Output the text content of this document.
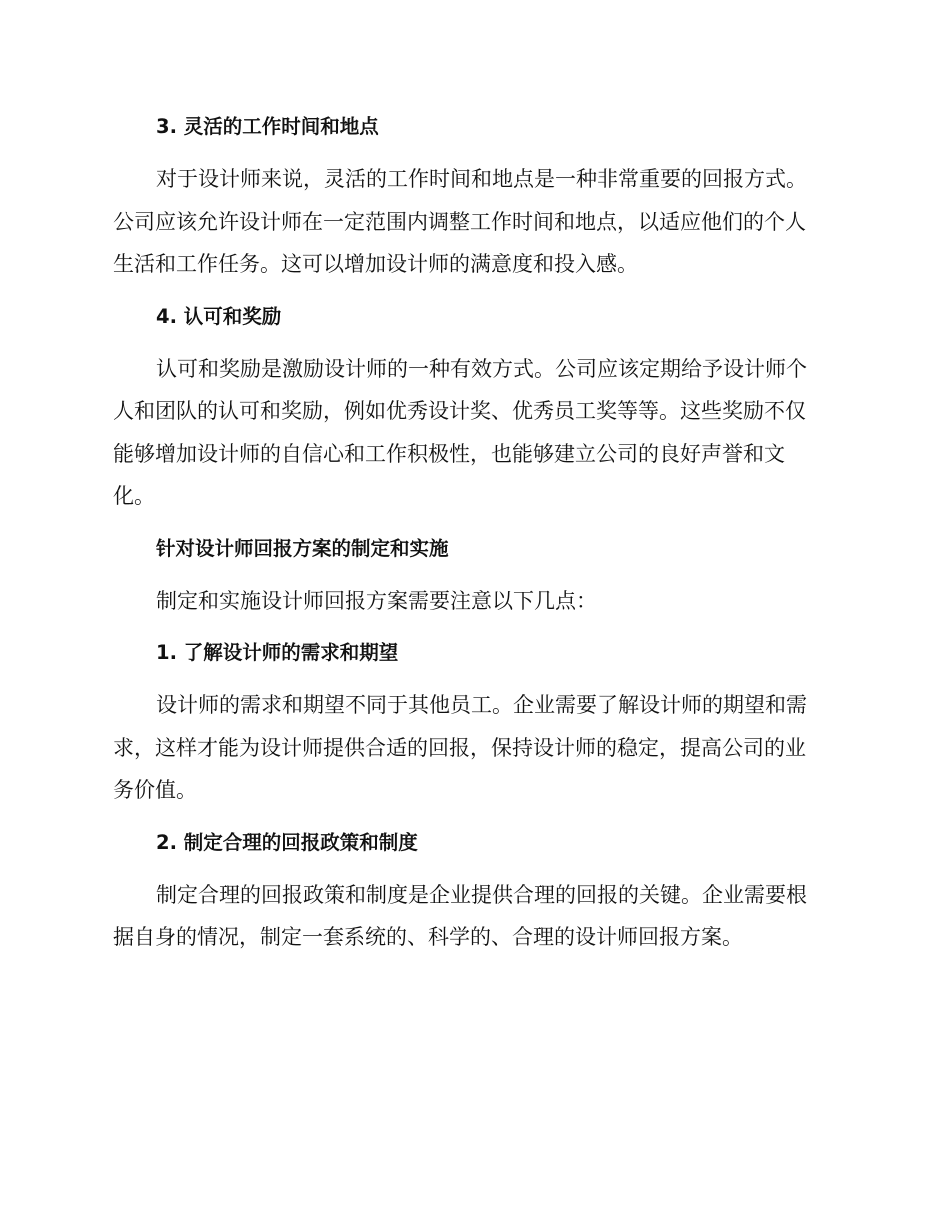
3. 灵活的工作时间和地点
对于设计师来说，灵活的工作时间和地点是一种非常重要的回报方式。
公司应该允许设计师在一定范围内调整工作时间和地点，以适应他们的个人
生活和工作任务。这可以增加设计师的满意度和投入感。
4. 认可和奖励
认可和奖励是激励设计师的一种有效方式。公司应该定期给予设计师个
人和团队的认可和奖励，例如优秀设计奖、优秀员工奖等等。这些奖励不仅
能够增加设计师的自信心和工作积极性，也能够建立公司的良好声誉和文
化。
针对设计师回报方案的制定和实施
制定和实施设计师回报方案需要注意以下几点：
1. 了解设计师的需求和期望
设计师的需求和期望不同于其他员工。企业需要了解设计师的期望和需
求，这样才能为设计师提供合适的回报，保持设计师的稳定，提高公司的业
务价值。
2. 制定合理的回报政策和制度
制定合理的回报政策和制度是企业提供合理的回报的关键。企业需要根
据自身的情况，制定一套系统的、科学的、合理的设计师回报方案。
